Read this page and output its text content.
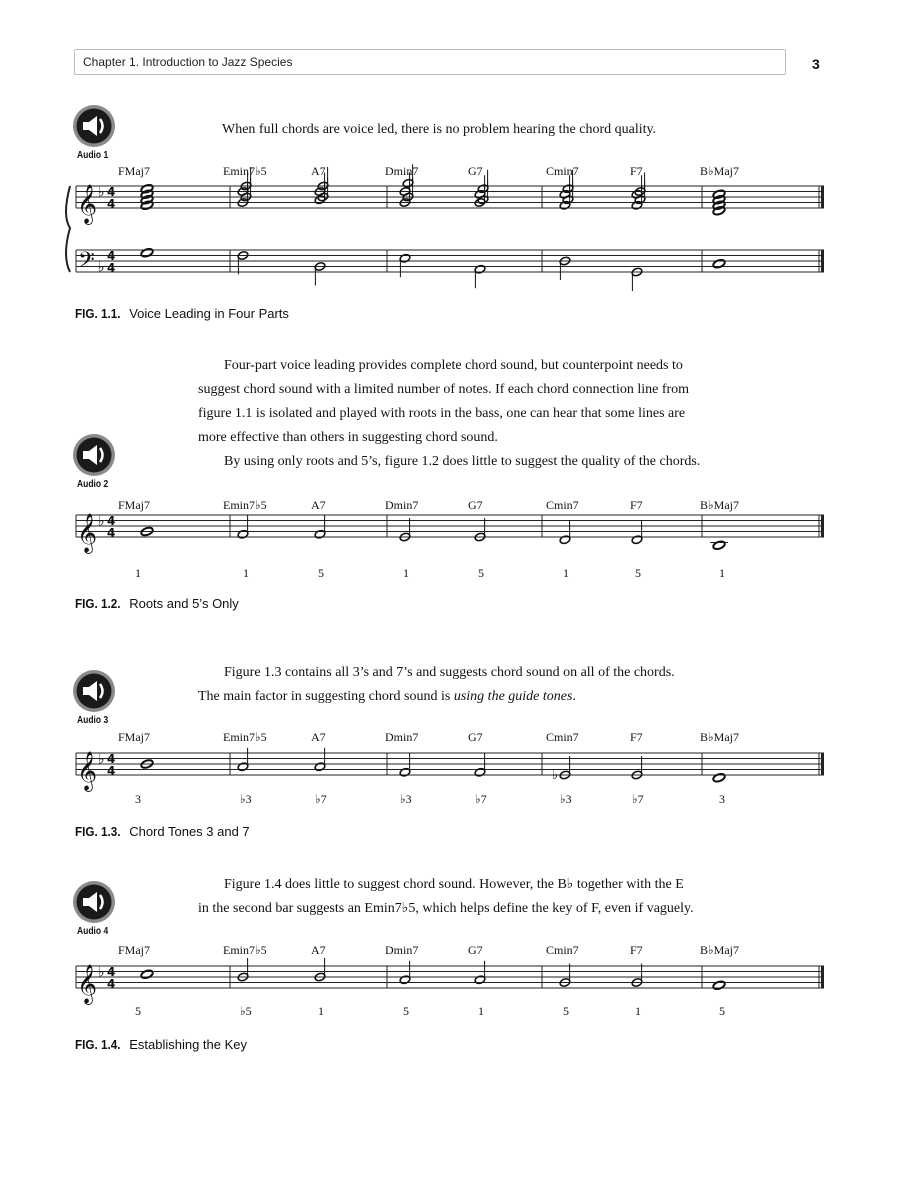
Chapter 1. Introduction to Jazz Species	3
Audio 1
Audio 2
Audio 3
Audio 4
When full chords are voice led, there is no problem hearing the chord quality.
Four-part voice leading provides complete chord sound, but counterpoint needs to
suggest chord sound with a limited number of notes. If each chord connection line from
figure 1.1 is isolated and played with roots in the bass, one can hear that some lines are
more effective than others in suggesting chord sound.
By using only roots and 5’s, figure 1.2 does little to suggest the quality of the chords.
Figure 1.3 contains all 3’s and 7’s and suggests chord sound on all of the chords.
The main factor in suggesting chord sound is using the guide tones.
Figure 1.4 does little to suggest chord sound. However, the B♭ together with the E
in the second bar suggests an Emin7♭5, which helps define the key of F, even if vaguely.
FMaj7	Emin7♭5	A7	Dmin7	G7	Cmin7	F7	B♭Maj7
FMaj7	Emin7♭5	A7	Dmin7	G7	Cmin7	F7	B♭Maj7
FMaj7	Emin7♭5	A7	Dmin7	G7	Cmin7	F7	B♭Maj7
FMaj7	Emin7♭5	A7	Dmin7	G7	Cmin7	F7	B♭Maj7
1	1	5	1	5	1	5	1
3	♭3	♭7	♭3	♭7	♭3	♭7	3
5	♭5	1	5	1	5	1	5
FIG. 1.1. Voice Leading in Four Parts
FIG. 1.2. Roots and 5’s Only
FIG. 1.3. Chord Tones 3 and 7
FIG. 1.4. Establishing the Key
𝄞 ♭ 4
4
𝄢 ♭
4
4
𝄞 ♭ 4
4
𝄞 ♭ 4
4	♭
𝄞 ♭ 4
4
